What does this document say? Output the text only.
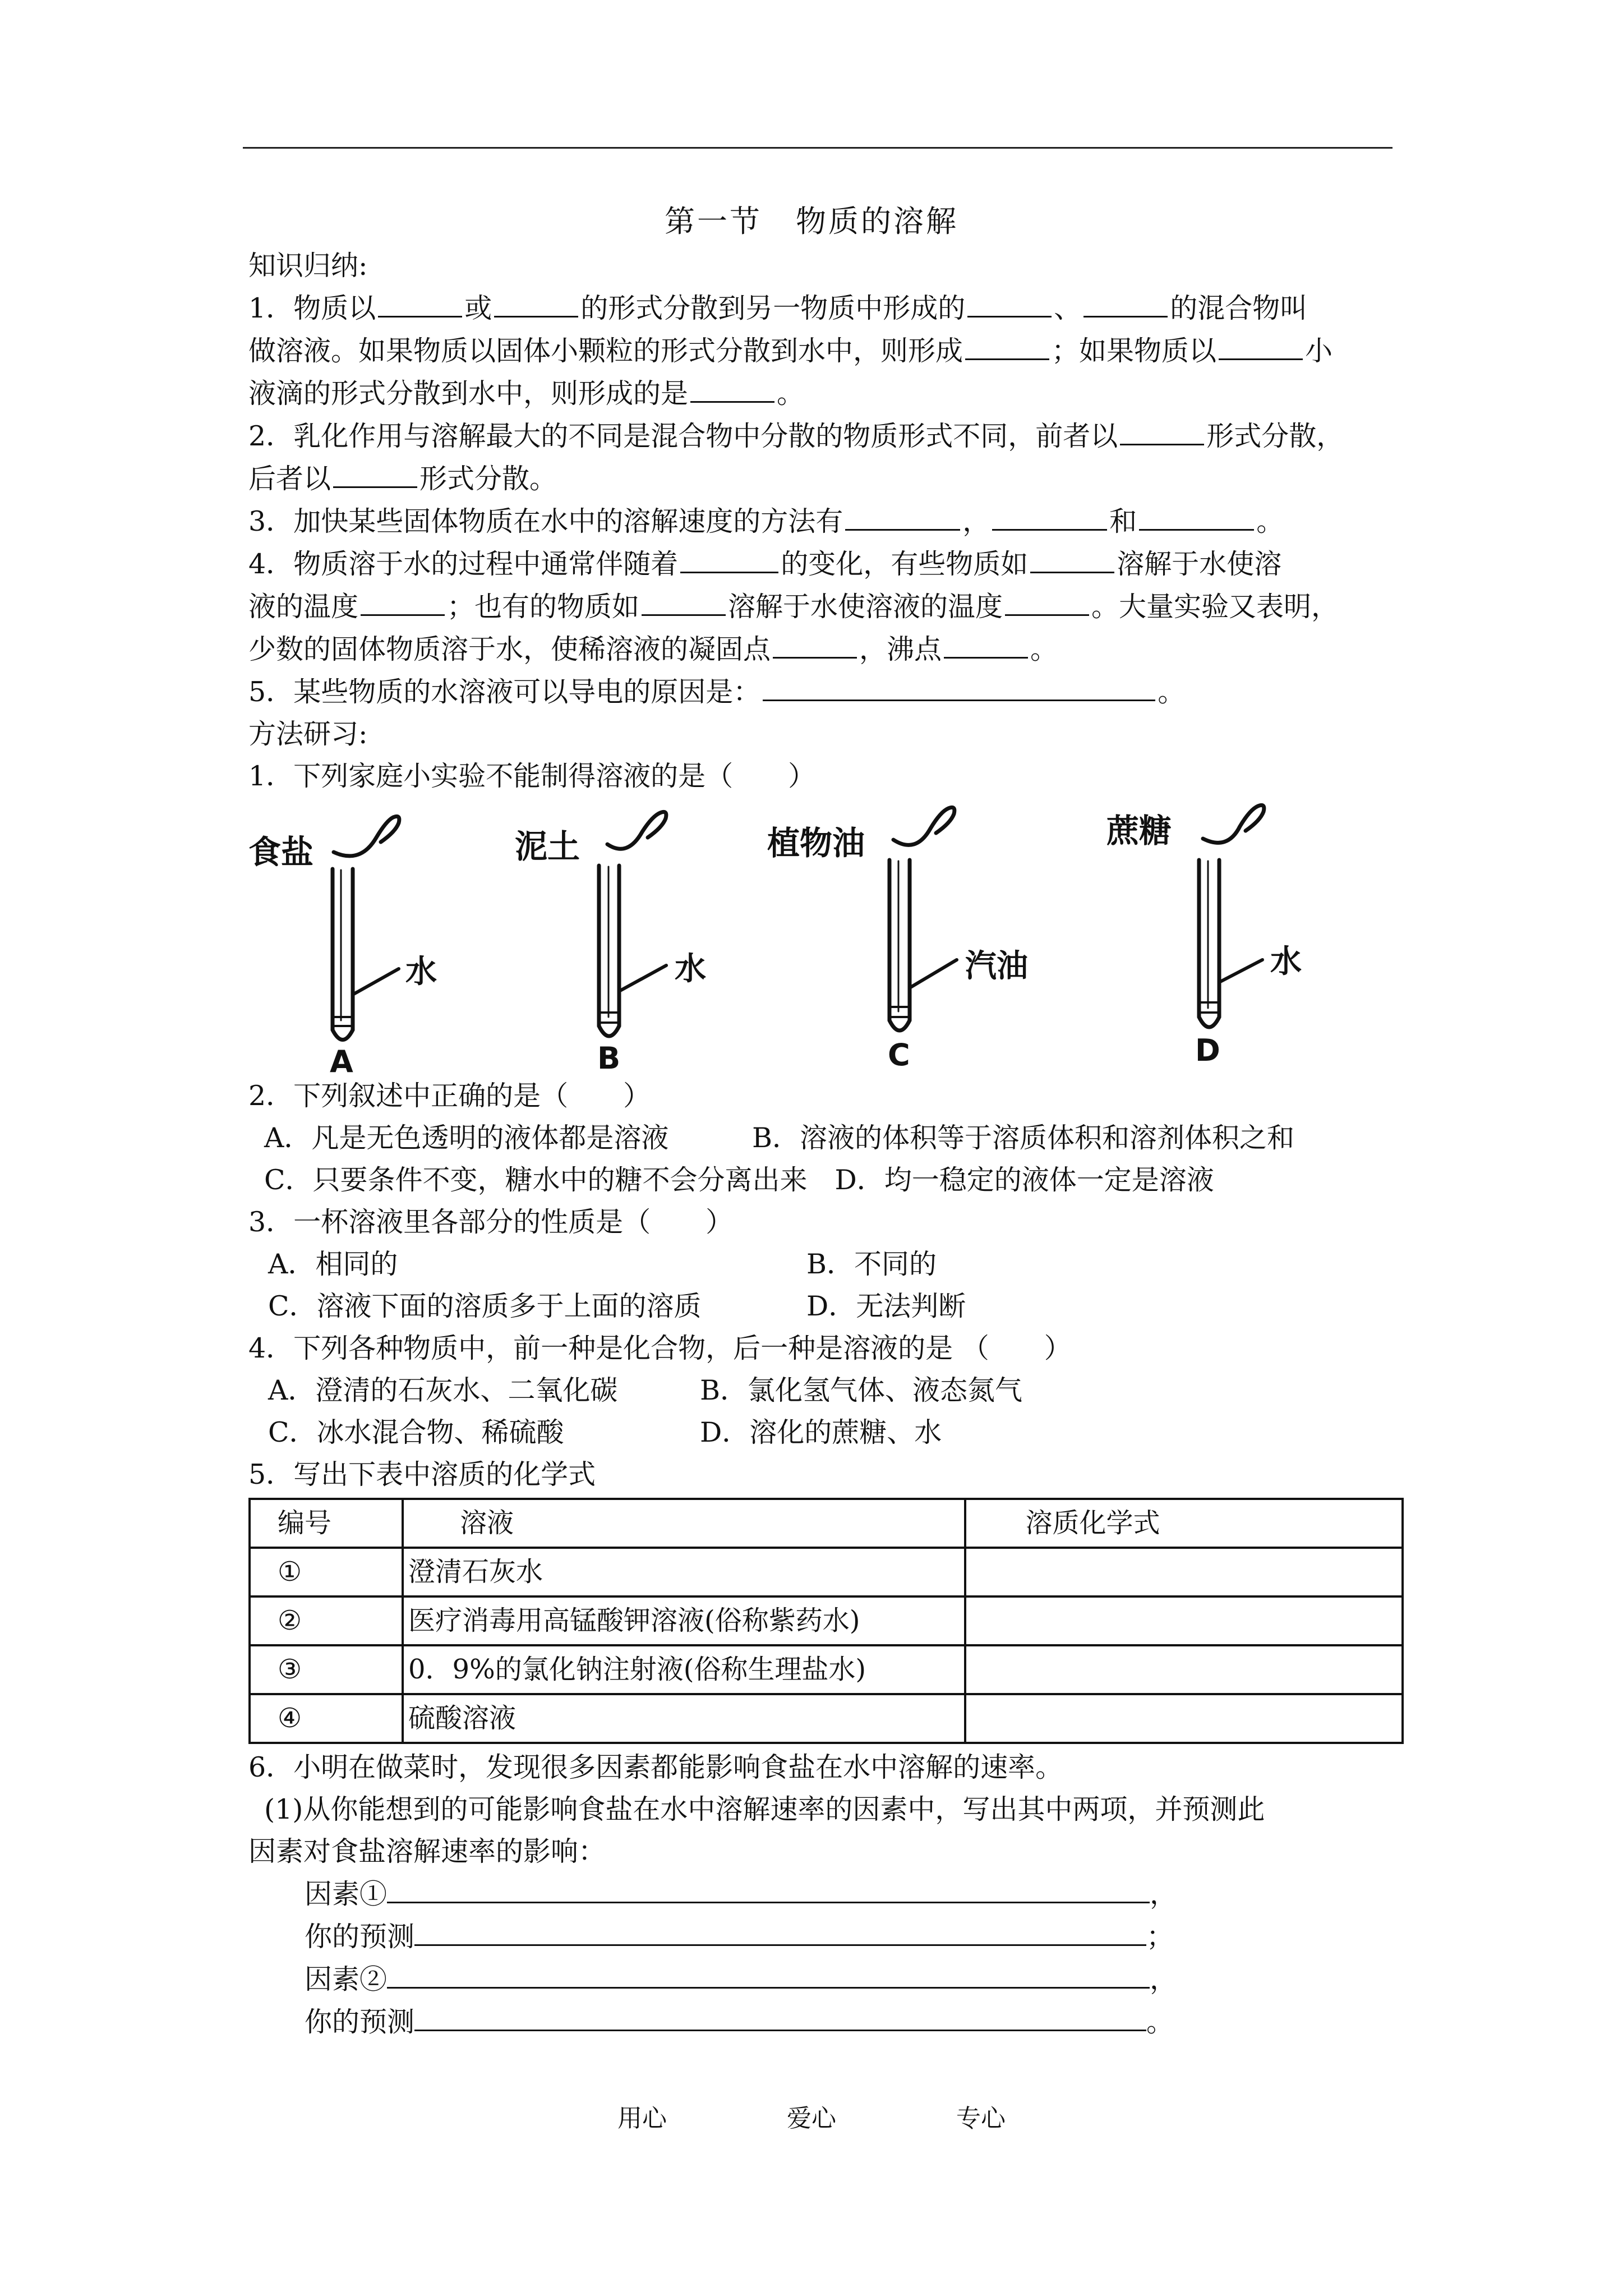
第一节 物质的溶解
知识归纳:
1．物质以	或	的形式分散到另一物质中形成的	、	的混合物叫
做溶液。如果物质以固体小颗粒的形式分散到水中，则形成	；如果物质以	小
液滴的形式分散到水中，则形成的是	。
2．乳化作用与溶解最大的不同是混合物中分散的物质形式不同，前者以	形式分散，
后者以	形式分散。
3．加快某些固体物质在水中的溶解速度的方法有	，	和	。
4．物质溶于水的过程中通常伴随着	的变化，有些物质如	溶解于水使溶
液的温度	；也有的物质如	溶解于水使溶液的温度	。大量实验又表明，
少数的固体物质溶于水，使稀溶液的凝固点	，沸点	。
5．某些物质的水溶液可以导电的原因是：	。
方法研习:
1．下列家庭小实验不能制得溶液的是（　　）
食盐
水
A
泥土
水
B
植物油
汽油
C
蔗糖
水
D
2．下列叙述中正确的是（　　）
A．凡是无色透明的液体都是溶液	B．溶液的体积等于溶质体积和溶剂体积之和
C．只要条件不变，糖水中的糖不会分离出来　 D．均一稳定的液体一定是溶液
3．一杯溶液里各部分的性质是（　　）
A．相同的	B．不同的
C．溶液下面的溶质多于上面的溶质	D．无法判断
4．下列各种物质中，前一种是化合物，后一种是溶液的是 （　　）
A．澄清的石灰水、二氧化碳	B．氯化氢气体、液态氮气
C．冰水混合物、稀硫酸	D．溶化的蔗糖、水
5．写出下表中溶质的化学式
编号	溶液	溶质化学式
①	澄清石灰水	
②	医疗消毒用高锰酸钾溶液(俗称紫药水)	
③	0．9%的氯化钠注射液(俗称生理盐水)	
④	硫酸溶液	
6．小明在做菜时，发现很多因素都能影响食盐在水中溶解的速率。
(1)从你能想到的可能影响食盐在水中溶解速率的因素中，写出其中两项，并预测此
因素对食盐溶解速率的影响：
因素①	，
你的预测	；
因素②	，
你的预测	。
用心	爱心	专心
